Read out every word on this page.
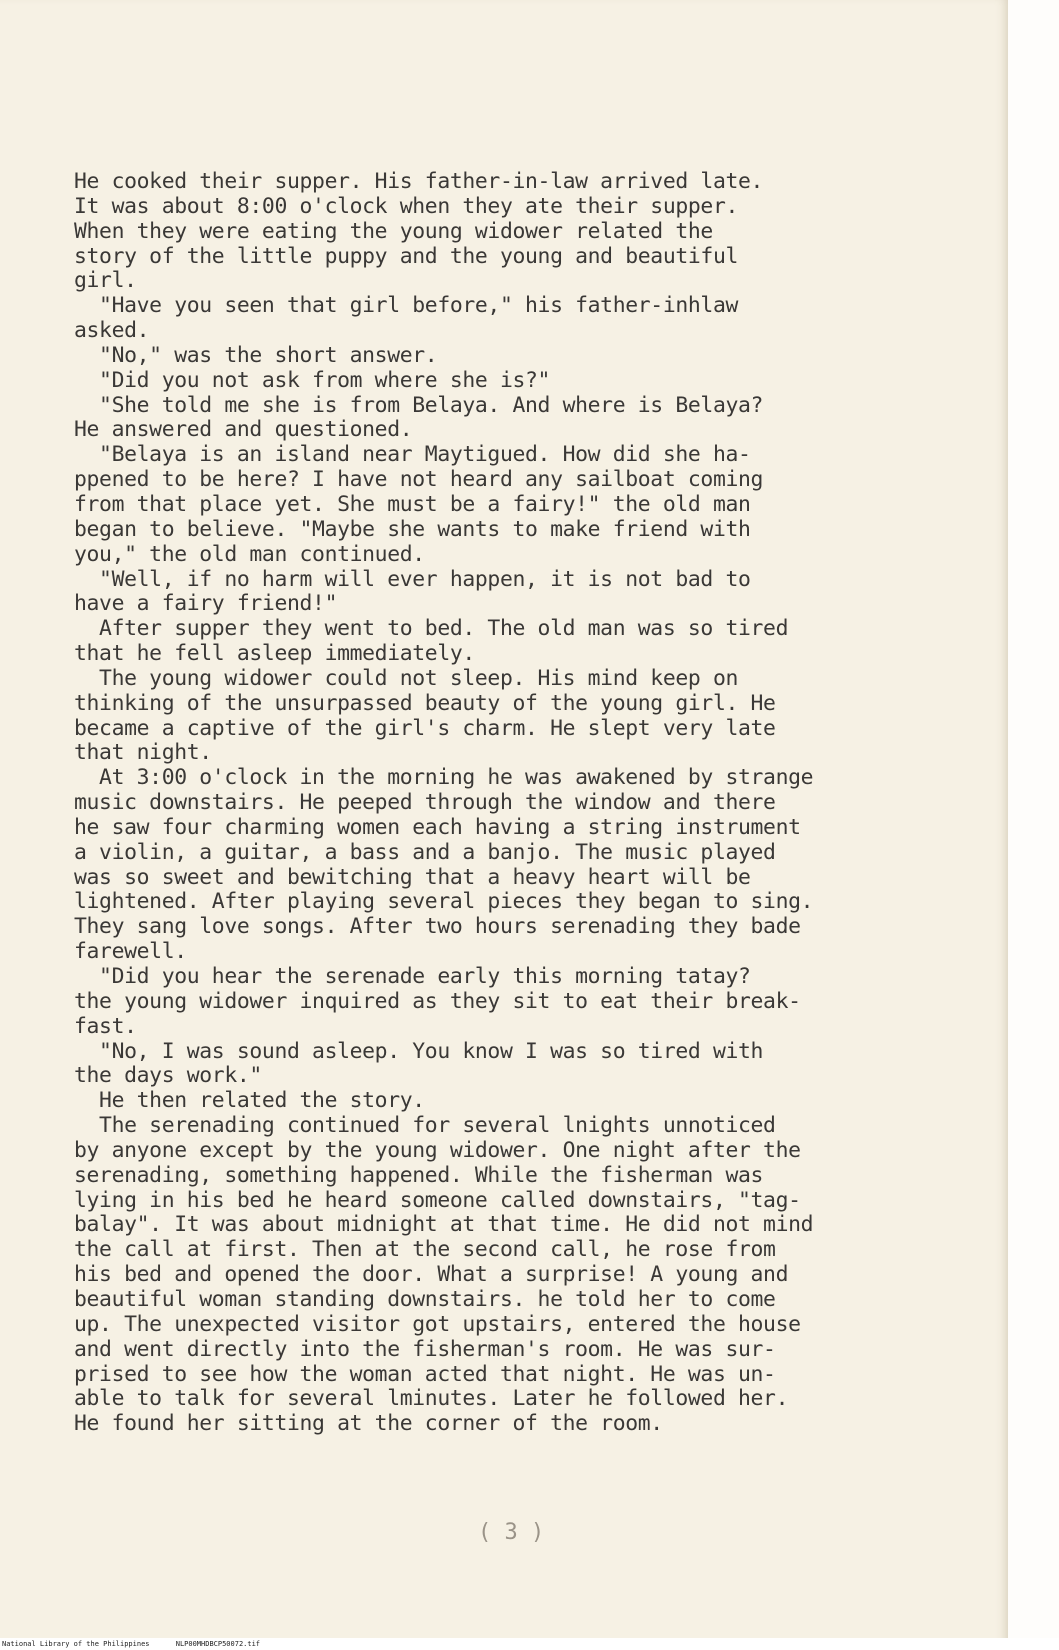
He cooked their supper. His father-in-law arrived late.
It was about 8:00 o'clock when they ate their supper.
When they were eating the young widower related the
story of the little puppy and the young and beautiful
girl.
"Have you seen that girl before," his father-inhlaw
asked.
"No," was the short answer.
"Did you not ask from where she is?"
"She told me she is from Belaya. And where is Belaya?
He answered and questioned.
"Belaya is an island near Maytigued. How did she ha-
ppened to be here? I have not heard any sailboat coming
from that place yet. She must be a fairy!" the old man
began to believe. "Maybe she wants to make friend with
you," the old man continued.
"Well, if no harm will ever happen, it is not bad to
have a fairy friend!"
After supper they went to bed. The old man was so tired
that he fell asleep immediately.
The young widower could not sleep. His mind keep on
thinking of the unsurpassed beauty of the young girl. He
became a captive of the girl's charm. He slept very late
that night.
At 3:00 o'clock in the morning he was awakened by strange
music downstairs. He peeped through the window and there
he saw four charming women each having a string instrument
a violin, a guitar, a bass and a banjo. The music played
was so sweet and bewitching that a heavy heart will be
lightened. After playing several pieces they began to sing.
They sang love songs. After two hours serenading they bade
farewell.
"Did you hear the serenade early this morning tatay?
the young widower inquired as they sit to eat their break-
fast.
"No, I was sound asleep. You know I was so tired with
the days work."
He then related the story.
The serenading continued for several lnights unnoticed
by anyone except by the young widower. One night after the
serenading, something happened. While the fisherman was
lying in his bed he heard someone called downstairs, "tag-
balay". It was about midnight at that time. He did not mind
the call at first. Then at the second call, he rose from
his bed and opened the door. What a surprise! A young and
beautiful woman standing downstairs. he told her to come
up. The unexpected visitor got upstairs, entered the house
and went directly into the fisherman's room. He was sur-
prised to see how the woman acted that night. He was un-
able to talk for several lminutes. Later he followed her.
He found her sitting at the corner of the room.
( 3 )
National Library of the Philippines	NLP00MHDBCP50072.tif
